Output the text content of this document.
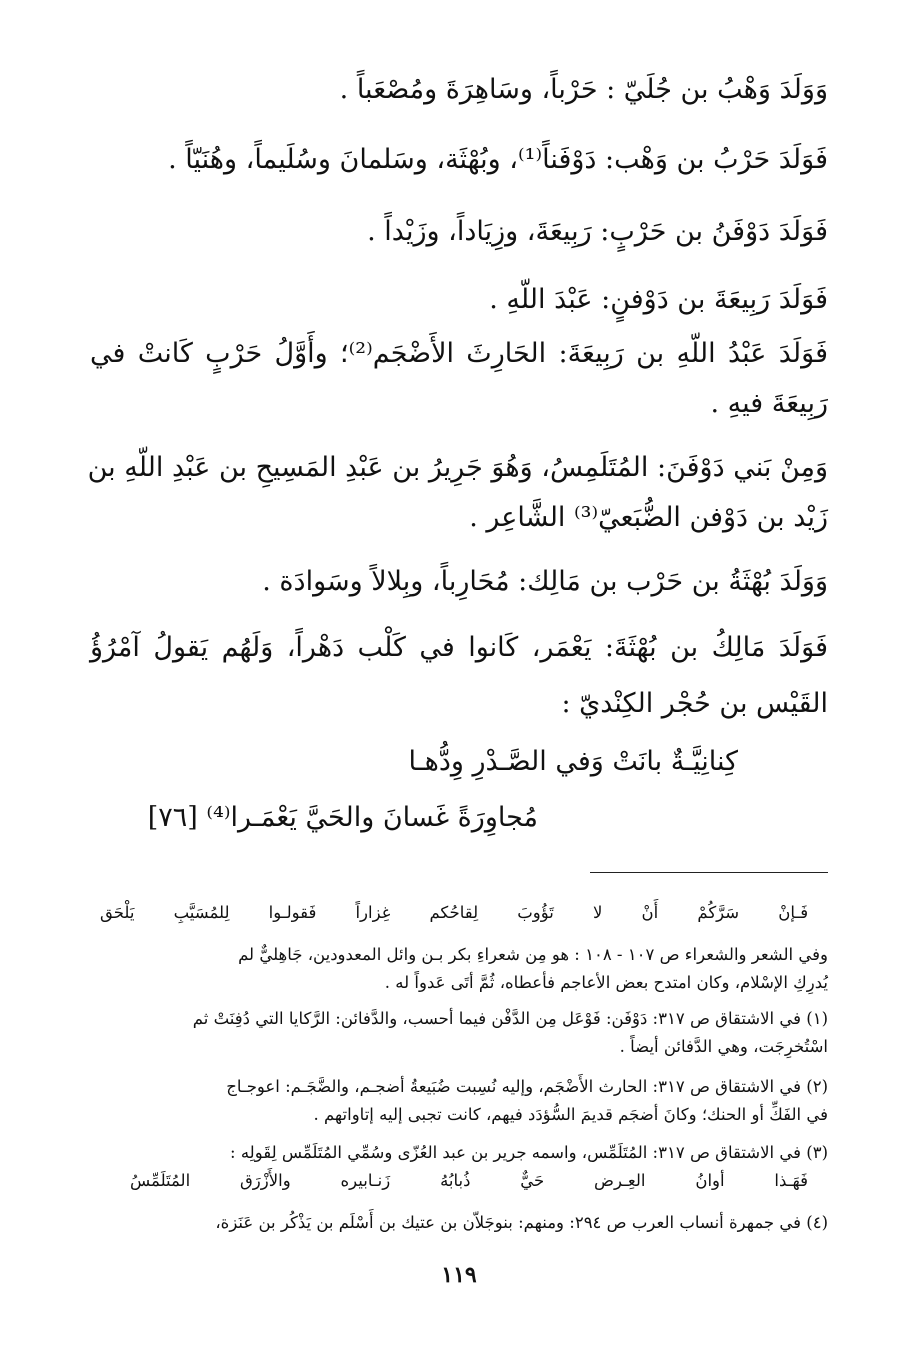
وَوَلَدَ وَهْبُ بن جُلَيّ : حَرْباً، وسَاهِرَةَ ومُصْعَباً .
فَوَلَدَ حَرْبُ بن وَهْب: دَوْفَناً⁽¹⁾، وبُهْثَة، وسَلمانَ وسُلَيماً، وهُنَيّاً .
فَوَلَدَ دَوْفَنُ بن حَرْبٍ: رَبِيعَةَ، وزِيَاداً، وزَيْداً .
فَوَلَدَ رَبِيعَةَ بن دَوْفنٍ: عَبْدَ اللّهِ .
فَوَلَدَ عَبْدُ اللّهِ بن رَبِيعَةَ: الحَارِثَ الأَضْجَم⁽²⁾؛ وأَوَّلُ حَرْبٍ كَانتْ في
رَبِيعَةَ فيهِ .
وَمِنْ بَني دَوْفَنَ: المُتَلَمِسُ، وَهُوَ جَرِيرُ بن عَبْدِ المَسِيحِ بن عَبْدِ اللّهِ بن
زَيْد بن دَوْفن الضُّبَعيّ⁽³⁾ الشَّاعِر .
وَوَلَدَ بُهْثَةُ بن حَرْب بن مَالِك: مُحَارِباً، وبِلالاً وسَوادَة .
فَوَلَدَ مَالِكُ بن بُهْثَةَ: يَعْمَر، كَانوا في كَلْب دَهْراً، وَلَهُم يَقولُ آمْرُؤُ
القَيْس بن حُجْر الكِنْديّ :
كِنانِيَّـةٌ بانَتْ وَفي الصَّـدْرِ وِدُّهـا
مُجاوِرَةً غَسانَ والحَيَّ يَعْمَـرا⁽⁴⁾ [٧٦]
فَـإنْ سَرَّكُمْ أَنْ لا تَؤُوبَ لِقاحُكم غِزاراً فَقولـوا لِلمُسَيَّبِ يَلْحَق
وفي الشعر والشعراء ص ١٠٧ - ١٠٨ : هو مِن شعراءِ بكر بـن وائل المعدودين، جَاهِليٌّ لم
يُدرِكِ الإسْلام، وكان امتدح بعض الأعاجم فأعطاه، ثُمَّ أتَى عَدواً له .
(١) في الاشتقاق ص ٣١٧: دَوْفَن: فَوْعَل مِن الدَّفْن فيما أحسب، والدَّفائن: الرَّكايا التي دُفِنَتْ ثم
اسْتُخرِجَت، وهي الدَّفائن أيضاً .
(٢) في الاشتقاق ص ٣١٧: الحارث الأَضْجَم، وإليه نُسِبت ضُبَيعةُ أضجـم، والضَّجَـم: اعوجـاج
في الفَكِّ أو الحنك؛ وكانَ أضجَم قديمَ السُّؤدَد فيهم، كانت تجبى إليه إتاواتهم .
(٣) في الاشتقاق ص ٣١٧: المُتَلَمِّس، واسمه جرير بن عبد العُزّى وسُمِّي المُتَلَمِّس لِقَولِه :
فَهَـذا أوانُ العِـرض حَيٌّ ذُبابُهُ زَنـابيره والأَزْرَق المُتَلَمِّسُ
(٤) في جمهرة أنساب العرب ص ٢٩٤: ومنهم: بنوجَلاّن بن عتيك بن أَسْلَم بن يَذْكُر بن عَنَزة،
١١٩
